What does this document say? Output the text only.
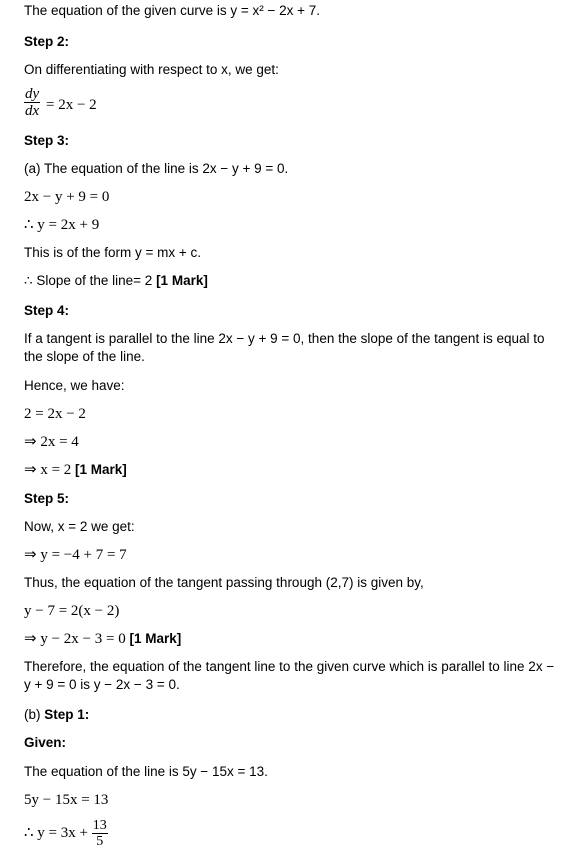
The equation of the given curve is y = x² − 2x + 7.
Step 2:
On differentiating with respect to x, we get:
$\frac{dy}{dx} = 2x - 2$
Step 3:
(a) The equation of the line is 2x − y + 9 = 0.
2x − y + 9 = 0
∴ y = 2x + 9
This is of the form y = mx + c.
∴ Slope of the line= 2 [1 Mark]
Step 4:
If a tangent is parallel to the line 2x − y + 9 = 0, then the slope of the tangent is equal to the slope of the line.
Hence, we have:
2 = 2x − 2
⇒ 2x = 4
⇒ x = 2 [1 Mark]
Step 5:
Now, x = 2 we get:
⇒ y = −4 + 7 = 7
Thus, the equation of the tangent passing through (2,7) is given by,
y − 7 = 2(x − 2)
⇒ y − 2x − 3 = 0 [1 Mark]
Therefore, the equation of the tangent line to the given curve which is parallel to line 2x − y + 9 = 0 is y − 2x − 3 = 0.
(b) Step 1:
Given:
The equation of the line is 5y − 15x = 13.
5y − 15x = 13
∴ $y = 3x + \frac{13}{5}$
